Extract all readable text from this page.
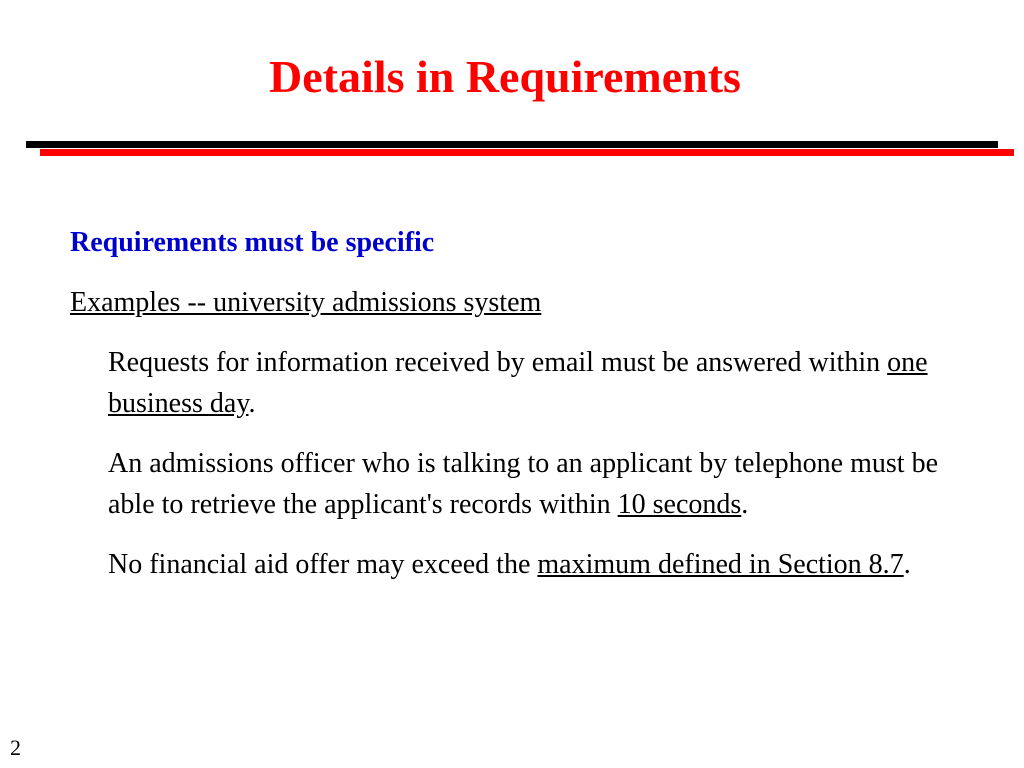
Details in Requirements

Requirements must be specific

Examples -- university admissions system

Requests for information received by email must be answered within one business day.

An admissions officer who is talking to an applicant by telephone must be able to retrieve the applicant's records within 10 seconds.

No financial aid offer may exceed the maximum defined in Section 8.7.

2
